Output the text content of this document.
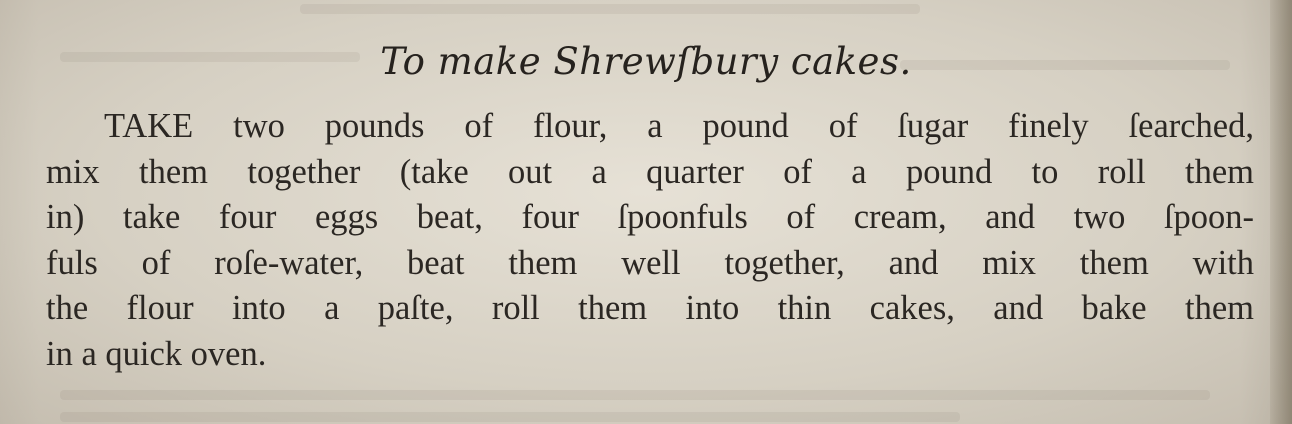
To make Shrewſbury cakes.
TAKE two pounds of flour, a pound of ſugar finely ſearched,
mix them together (take out a quarter of a pound to roll them
in) take four eggs beat, four ſpoonfuls of cream, and two ſpoon-
fuls of roſe-water, beat them well together, and mix them with
the flour into a paſte, roll them into thin cakes, and bake them
in a quick oven.
